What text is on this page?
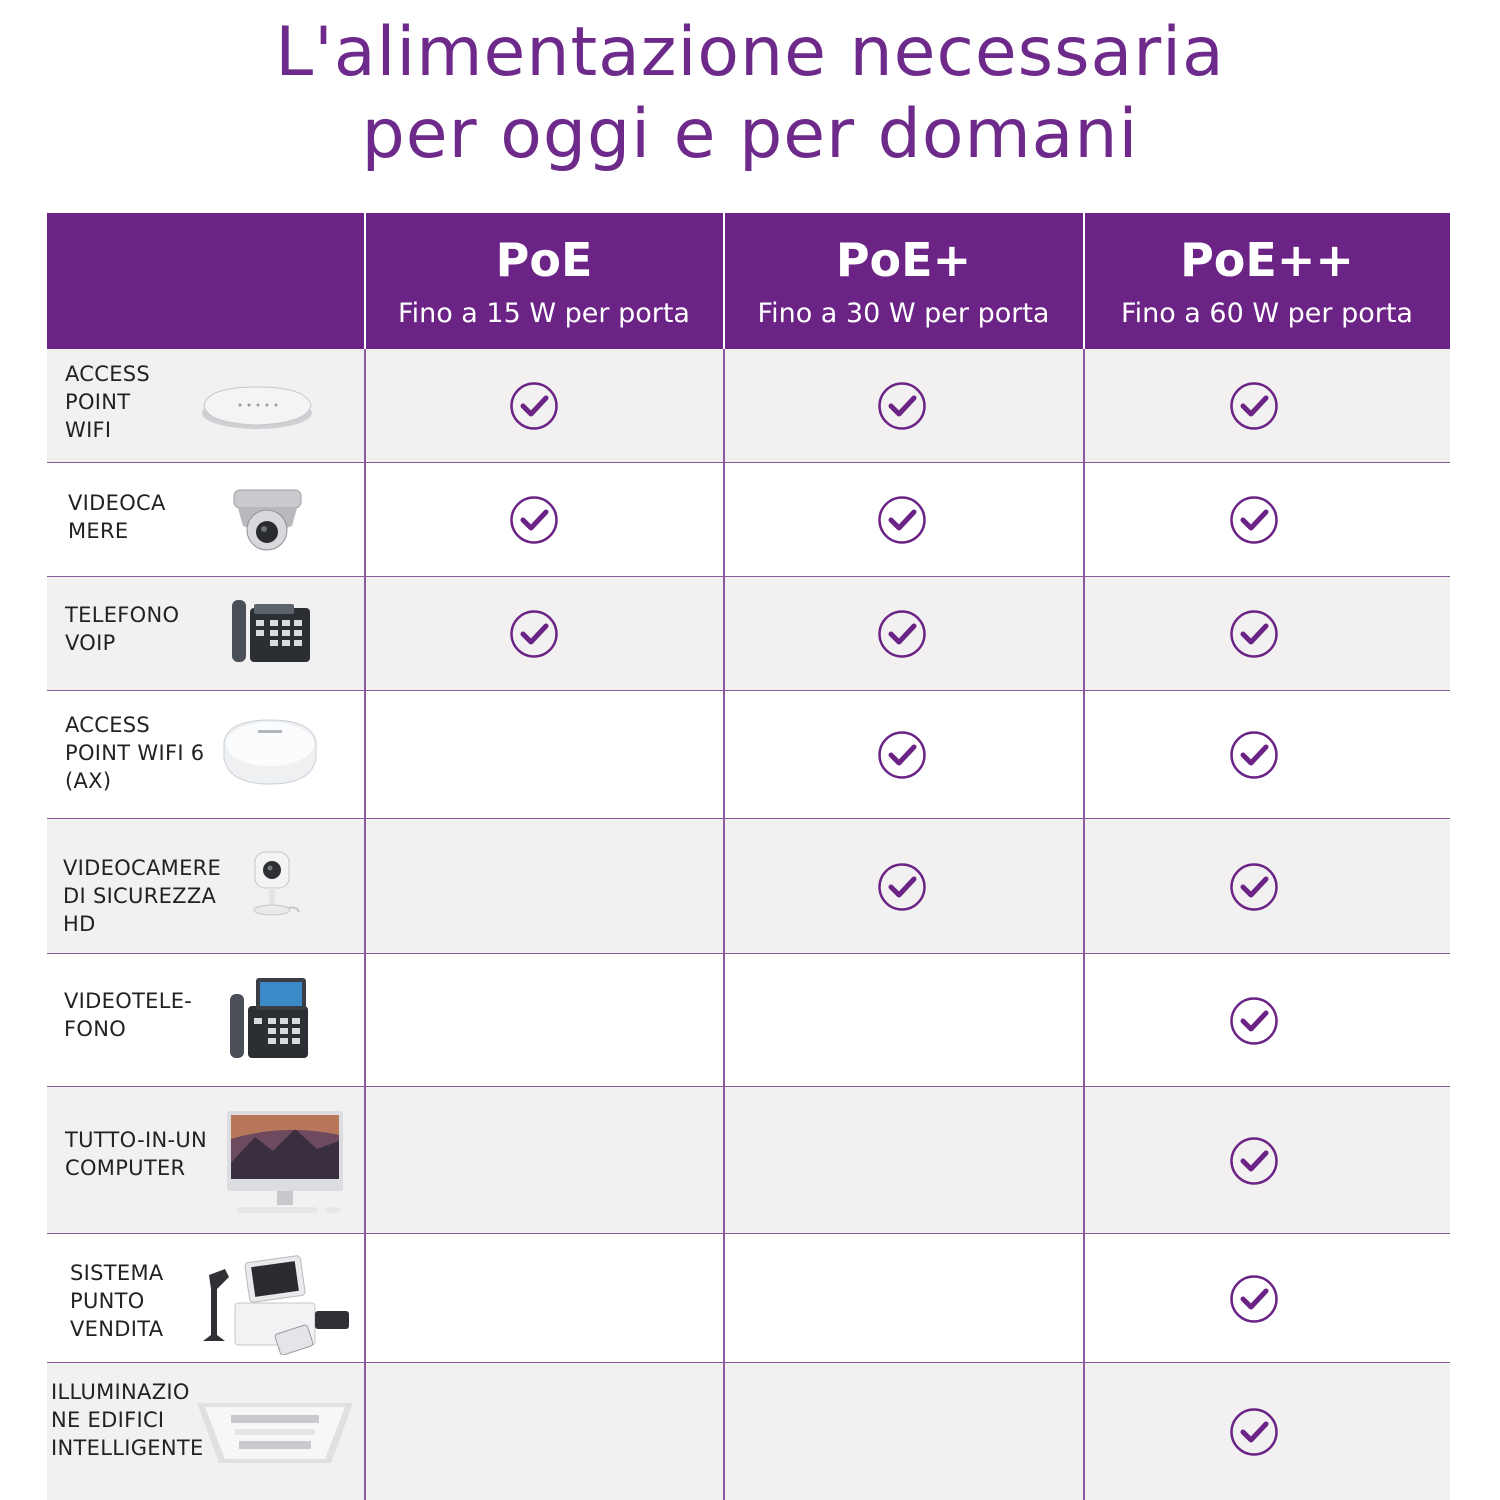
L'alimentazione necessaria
per oggi e per domani
PoE
Fino a 15 W per porta
PoE+
Fino a 30 W per porta
PoE++
Fino a 60 W per porta
ACCESS
POINT
WIFI
VIDEOCA
MERE
TELEFONO
VOIP
ACCESS
POINT WIFI 6
(AX)
VIDEOCAMERE
DI SICUREZZA
HD
VIDEOTELE-
FONO
TUTTO-IN-UN
COMPUTER
SISTEMA
PUNTO
VENDITA
ILLUMINAZIO
NE EDIFICI
INTELLIGENTE
